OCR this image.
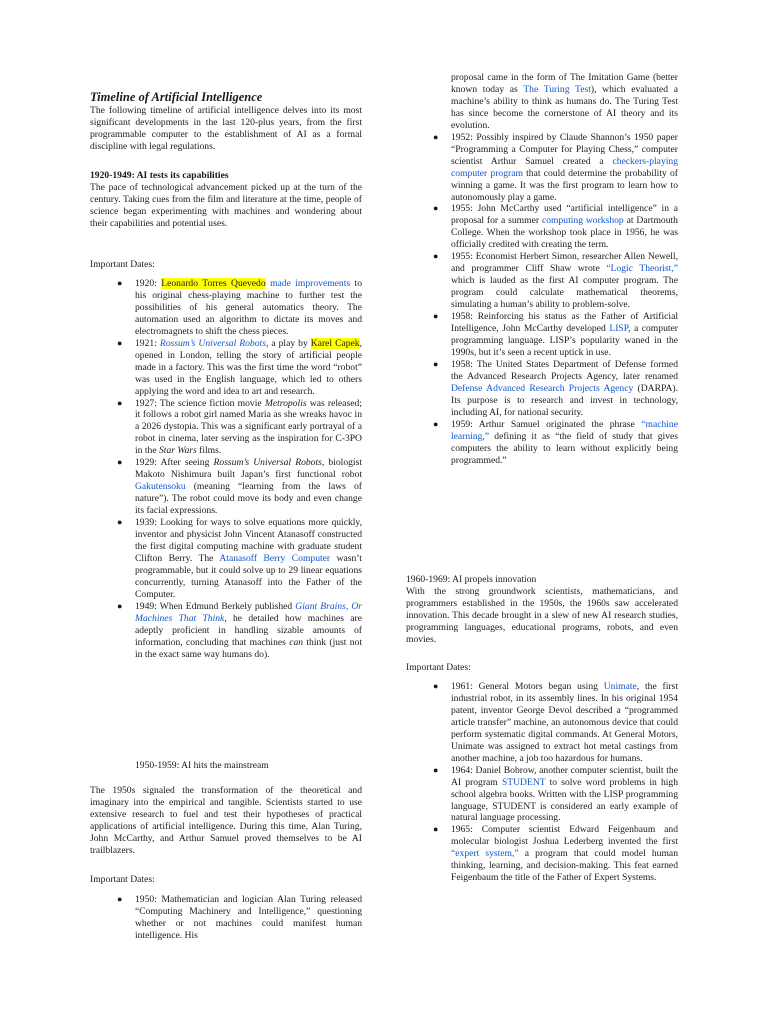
Timeline of Artificial Intelligence
The following timeline of artificial intelligence delves into its most significant developments in the last 120-plus years, from the first programmable computer to the establishment of AI as a formal discipline with legal regulations.
1920-1949: AI tests its capabilities
The pace of technological advancement picked up at the turn of the century. Taking cues from the film and literature at the time, people of science began experimenting with machines and wondering about their capabilities and potential uses.
Important Dates:
● 1920: Leonardo Torres Quevedo made improvements to his original chess-playing machine to further test the possibilities of his general automatics theory. The automation used an algorithm to dictate its moves and electromagnets to shift the chess pieces.
● 1921: Rossum’s Universal Robots, a play by Karel Capek, opened in London, telling the story of artificial people made in a factory. This was the first time the word “robot” was used in the English language, which led to others applying the word and idea to art and research.
● 1927: The science fiction movie Metropolis was released; it follows a robot girl named Maria as she wreaks havoc in a 2026 dystopia. This was a significant early portrayal of a robot in cinema, later serving as the inspiration for C-3PO in the Star Wars films.
● 1929: After seeing Rossum’s Universal Robots, biologist Makoto Nishimura built Japan’s first functional robot Gakutensoku (meaning “learning from the laws of nature”). The robot could move its body and even change its facial expressions.
● 1939: Looking for ways to solve equations more quickly, inventor and physicist John Vincent Atanasoff constructed the first digital computing machine with graduate student Clifton Berry. The Atanasoff Berry Computer wasn’t programmable, but it could solve up to 29 linear equations concurrently, turning Atanasoff into the Father of the Computer.
● 1949: When Edmund Berkely published Giant Brains, Or Machines That Think, he detailed how machines are adeptly proficient in handling sizable amounts of information, concluding that machines can think (just not in the exact same way humans do).
1950-1959: AI hits the mainstream
The 1950s signaled the transformation of the theoretical and imaginary into the empirical and tangible. Scientists started to use extensive research to fuel and test their hypotheses of practical applications of artificial intelligence. During this time, Alan Turing, John McCarthy, and Arthur Samuel proved themselves to be AI trailblazers.
Important Dates:
● 1950: Mathematician and logician Alan Turing released “Computing Machinery and Intelligence,” questioning whether or not machines could manifest human intelligence. His
proposal came in the form of The Imitation Game (better known today as The Turing Test), which evaluated a machine’s ability to think as humans do. The Turing Test has since become the cornerstone of AI theory and its evolution.
● 1952: Possibly inspired by Claude Shannon’s 1950 paper “Programming a Computer for Playing Chess,” computer scientist Arthur Samuel created a checkers-playing computer program that could determine the probability of winning a game. It was the first program to learn how to autonomously play a game.
● 1955: John McCarthy used “artificial intelligence” in a proposal for a summer computing workshop at Dartmouth College. When the workshop took place in 1956, he was officially credited with creating the term.
● 1955: Economist Herbert Simon, researcher Allen Newell, and programmer Cliff Shaw wrote “Logic Theorist,” which is lauded as the first AI computer program. The program could calculate mathematical theorems, simulating a human’s ability to problem-solve.
● 1958: Reinforcing his status as the Father of Artificial Intelligence, John McCarthy developed LISP, a computer programming language. LISP’s popularity waned in the 1990s, but it’s seen a recent uptick in use.
● 1958: The United States Department of Defense formed the Advanced Research Projects Agency, later renamed Defense Advanced Research Projects Agency (DARPA). Its purpose is to research and invest in technology, including AI, for national security.
● 1959: Arthur Samuel originated the phrase “machine learning,” defining it as “the field of study that gives computers the ability to learn without explicitly being programmed.”
1960-1969: AI propels innovation
With the strong groundwork scientists, mathematicians, and programmers established in the 1950s, the 1960s saw accelerated innovation. This decade brought in a slew of new AI research studies, programming languages, educational programs, robots, and even movies.
Important Dates:
● 1961: General Motors began using Unimate, the first industrial robot, in its assembly lines. In his original 1954 patent, inventor George Devol described a “programmed article transfer” machine, an autonomous device that could perform systematic digital commands. At General Motors, Unimate was assigned to extract hot metal castings from another machine, a job too hazardous for humans.
● 1964: Daniel Bobrow, another computer scientist, built the AI program STUDENT to solve word problems in high school algebra books. Written with the LISP programming language, STUDENT is considered an early example of natural language processing.
● 1965: Computer scientist Edward Feigenbaum and molecular biologist Joshua Lederberg invented the first “expert system,” a program that could model human thinking, learning, and decision-making. This feat earned Feigenbaum the title of the Father of Expert Systems.
